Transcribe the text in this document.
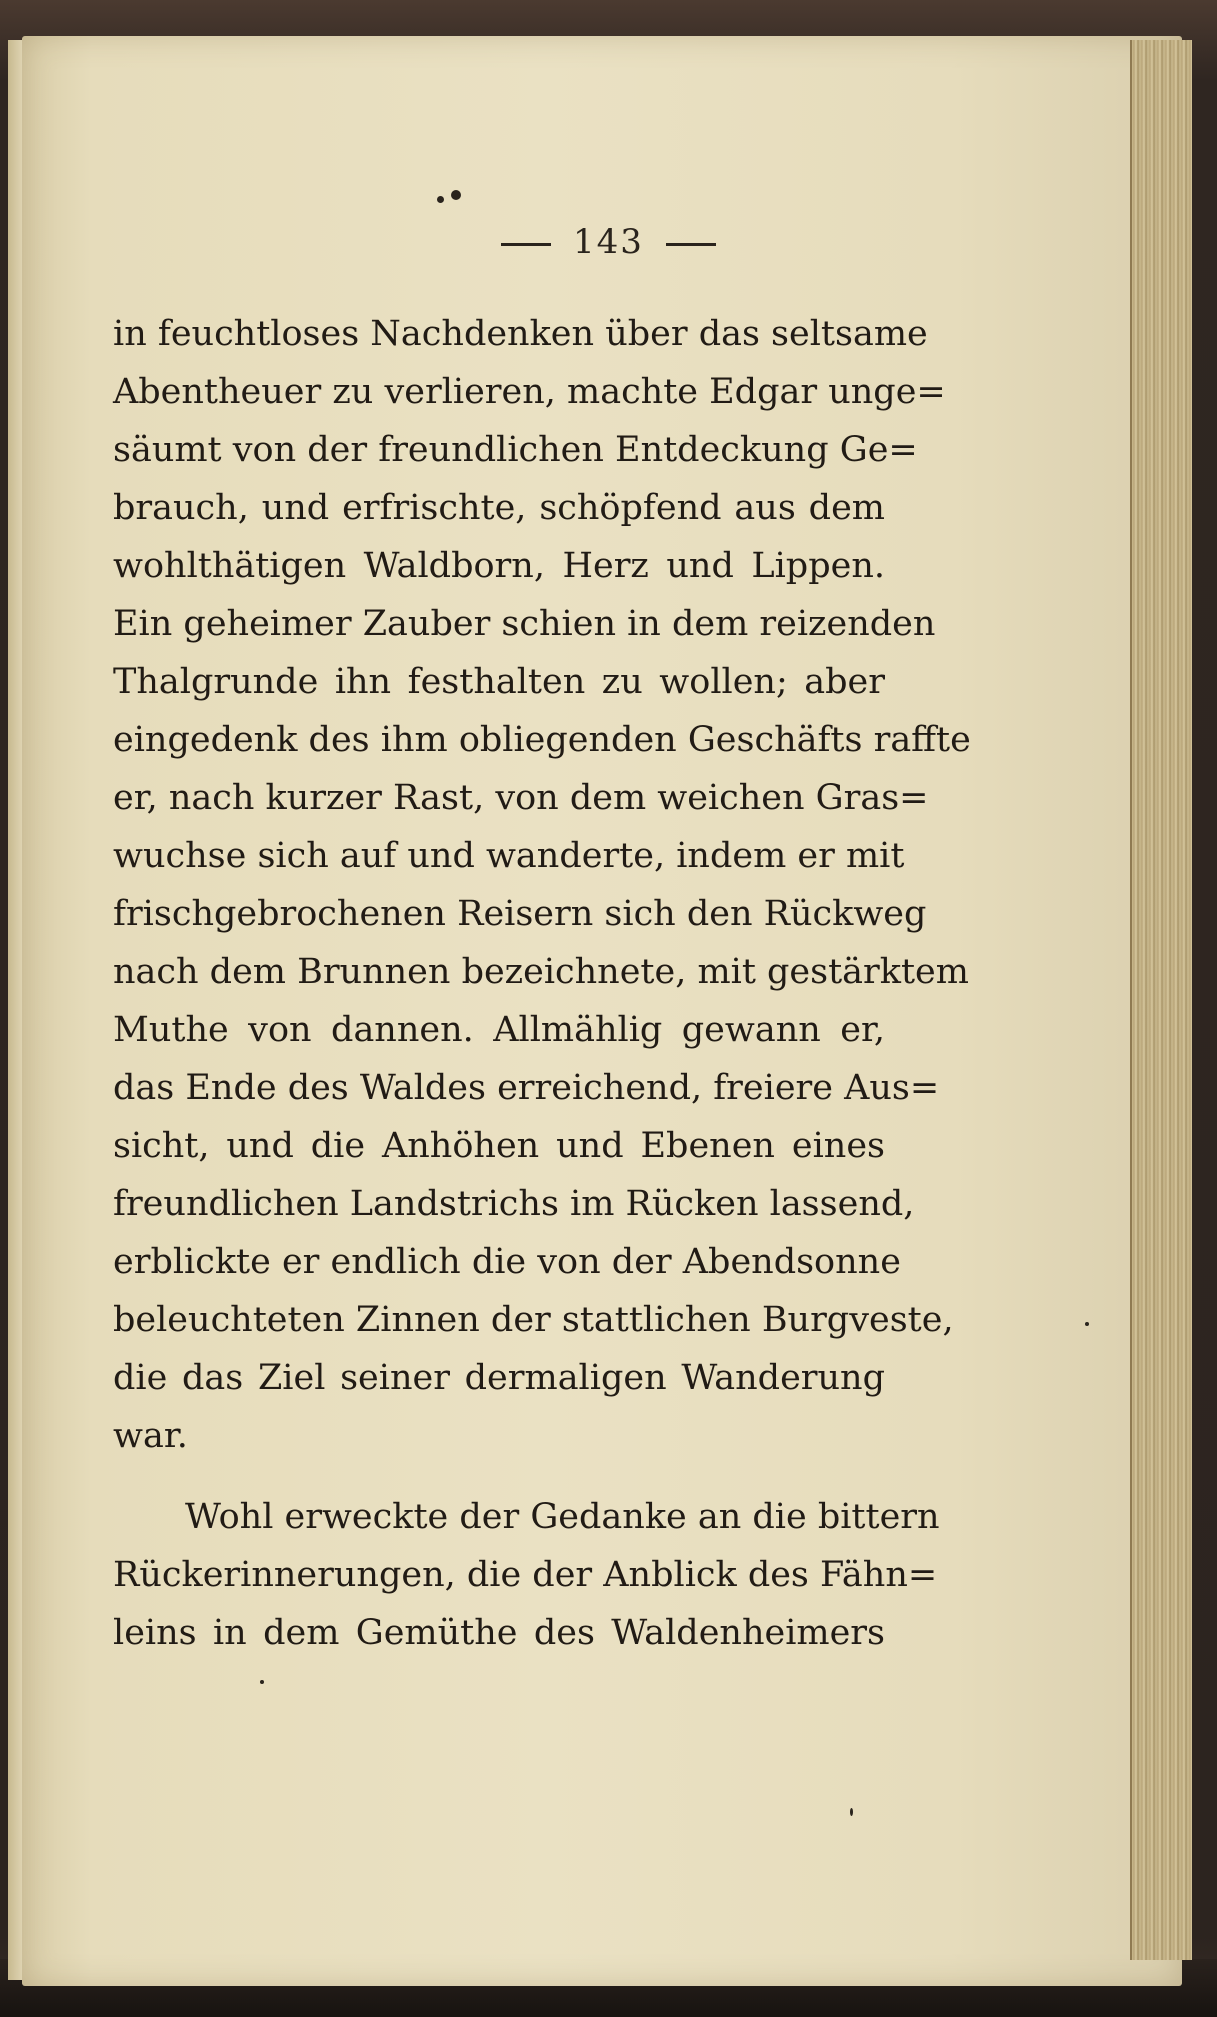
143
in feuchtloses Nachdenken über das seltsame
Abentheuer zu verlieren, machte Edgar unge=
säumt von der freundlichen Entdeckung Ge=
brauch, und erfrischte, schöpfend aus dem
wohlthätigen Waldborn, Herz und Lippen.
Ein geheimer Zauber schien in dem reizenden
Thalgrunde ihn festhalten zu wollen; aber
eingedenk des ihm obliegenden Geschäfts raffte
er, nach kurzer Rast, von dem weichen Gras=
wuchse sich auf und wanderte, indem er mit
frischgebrochenen Reisern sich den Rückweg
nach dem Brunnen bezeichnete, mit gestärktem
Muthe von dannen. Allmählig gewann er,
das Ende des Waldes erreichend, freiere Aus=
sicht, und die Anhöhen und Ebenen eines
freundlichen Landstrichs im Rücken lassend,
erblickte er endlich die von der Abendsonne
beleuchteten Zinnen der stattlichen Burgveste,
die das Ziel seiner dermaligen Wanderung
war.
Wohl erweckte der Gedanke an die bittern
Rückerinnerungen, die der Anblick des Fähn=
leins in dem Gemüthe des Waldenheimers
